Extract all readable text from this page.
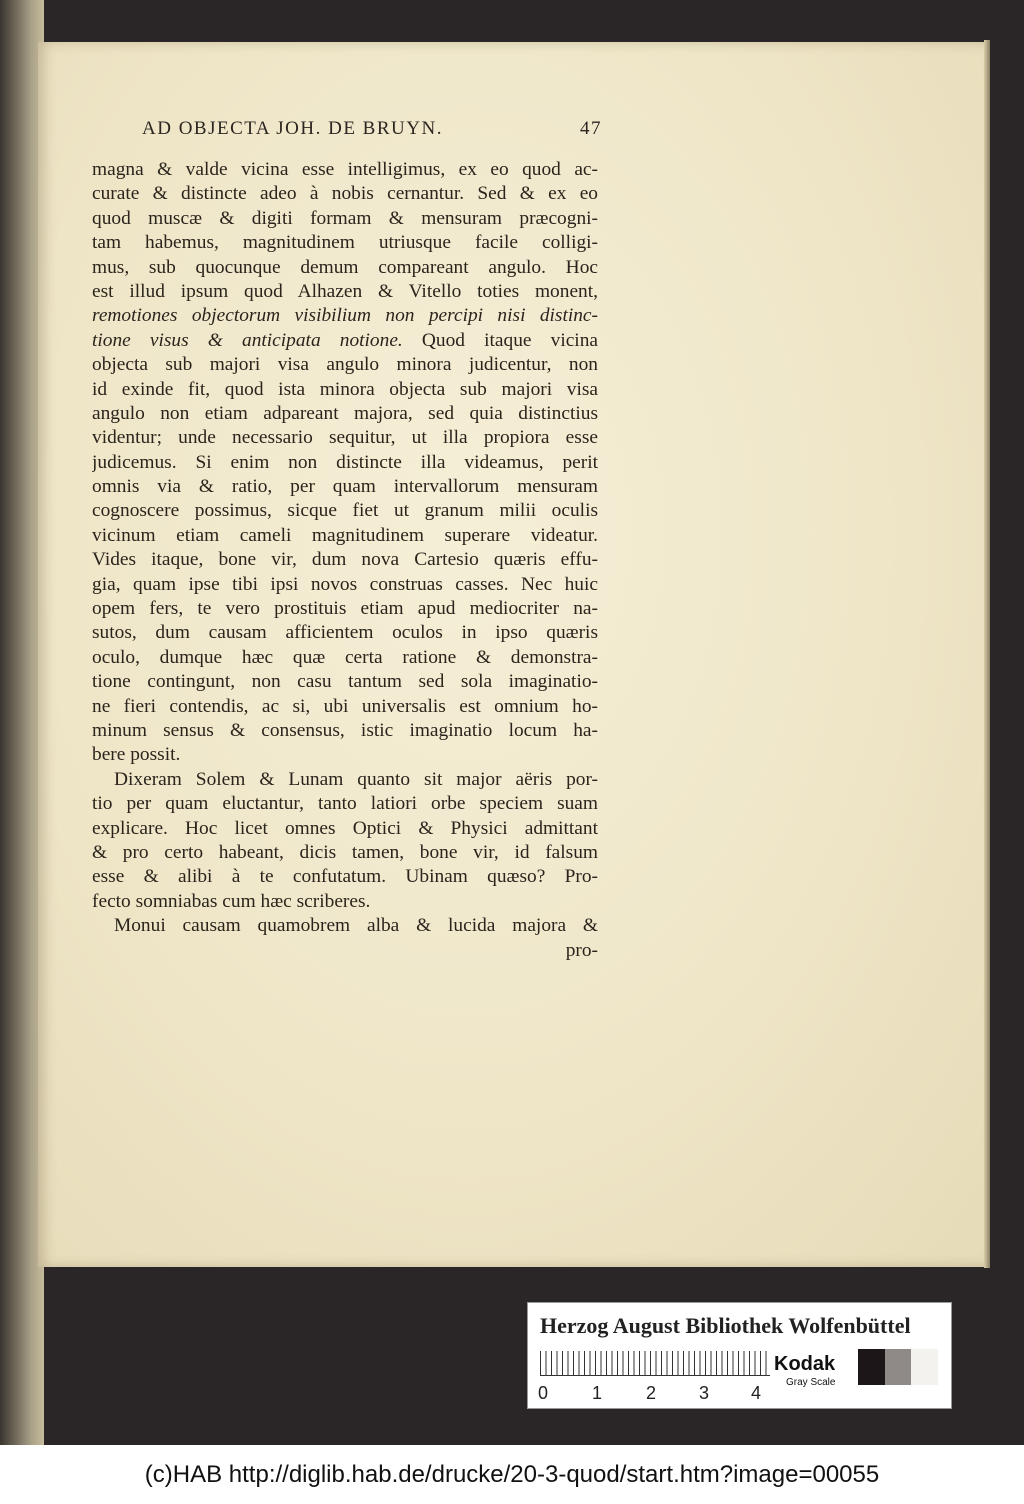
AD OBJECTA JOH. DE BRUYN.	47
magna & valde vicina esse intelligimus, ex eo quod ac-
curate & distincte adeo à nobis cernantur. Sed & ex eo
quod muscæ & digiti formam & mensuram præcogni-
tam habemus, magnitudinem utriusque facile colligi-
mus, sub quocunque demum compareant angulo. Hoc
est illud ipsum quod Alhazen & Vitello toties monent,
remotiones objectorum visibilium non percipi nisi distinc-
tione visus & anticipata notione. Quod itaque vicina
objecta sub majori visa angulo minora judicentur, non
id exinde fit, quod ista minora objecta sub majori visa
angulo non etiam adpareant majora, sed quia distinctius
videntur; unde necessario sequitur, ut illa propiora esse
judicemus. Si enim non distincte illa videamus, perit
omnis via & ratio, per quam intervallorum mensuram
cognoscere possimus, sicque fiet ut granum milii oculis
vicinum etiam cameli magnitudinem superare videatur.
Vides itaque, bone vir, dum nova Cartesio quæris effu-
gia, quam ipse tibi ipsi novos construas casses. Nec huic
opem fers, te vero prostituis etiam apud mediocriter na-
sutos, dum causam afficientem oculos in ipso quæris
oculo, dumque hæc quæ certa ratione & demonstra-
tione contingunt, non casu tantum sed sola imaginatio-
ne fieri contendis, ac si, ubi universalis est omnium ho-
minum sensus & consensus, istic imaginatio locum ha-
bere possit.
Dixeram Solem & Lunam quanto sit major aëris por-
tio per quam eluctantur, tanto latiori orbe speciem suam
explicare. Hoc licet omnes Optici & Physici admittant
& pro certo habeant, dicis tamen, bone vir, id falsum
esse & alibi à te confutatum. Ubinam quæso? Pro-
fecto somniabas cum hæc scriberes.
Monui causam quamobrem alba & lucida majora &
pro-
Herzog August Bibliothek Wolfenbüttel
0 1 2 3 4
Kodak
Gray Scale
(c)HAB http://diglib.hab.de/drucke/20-3-quod/start.htm?image=00055
